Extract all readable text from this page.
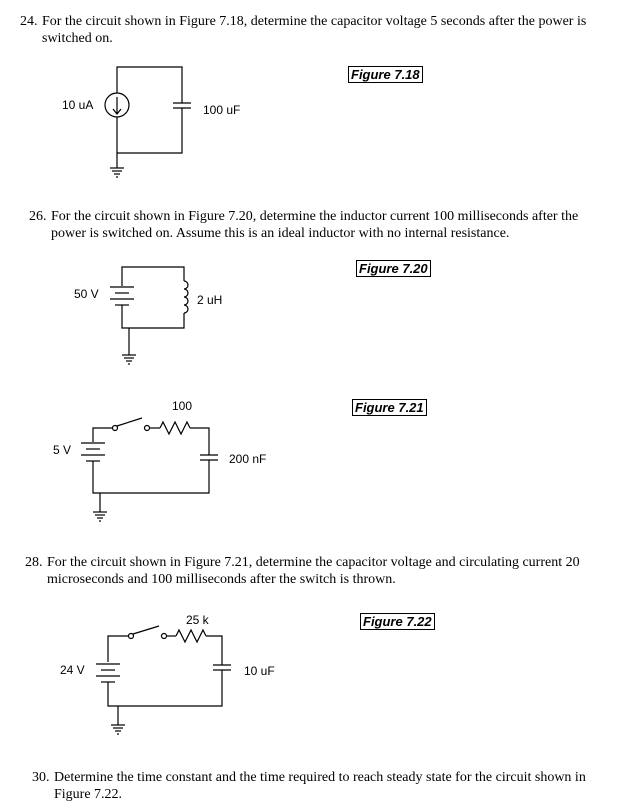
24. For the circuit shown in Figure 7.18, determine the capacitor voltage 5 seconds after the power is
switched on.
26. For the circuit shown in Figure 7.20, determine the inductor current 100 milliseconds after the
power is switched on. Assume this is an ideal inductor with no internal resistance.
28. For the circuit shown in Figure 7.21, determine the capacitor voltage and circulating current 20
microseconds and 100 milliseconds after the switch is thrown.
30. Determine the time constant and the time required to reach steady state for the circuit shown in
Figure 7.22.
Figure 7.18
Figure 7.20
Figure 7.21
Figure 7.22
10 uA	100 uF
50 V	2 uH
100
5 V
200 nF
25 k
24 V	10 uF
